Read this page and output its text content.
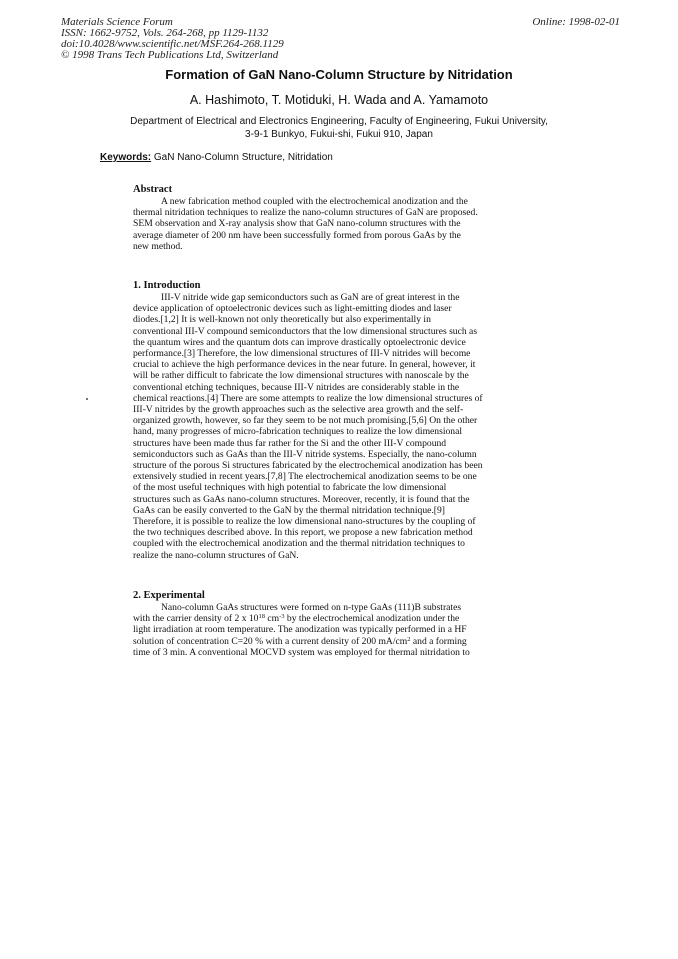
Materials Science Forum
ISSN: 1662-9752, Vols. 264-268, pp 1129-1132
doi:10.4028/www.scientific.net/MSF.264-268.1129
© 1998 Trans Tech Publications Ltd, Switzerland
Online: 1998-02-01
Formation of GaN Nano-Column Structure by Nitridation
A. Hashimoto, T. Motiduki, H. Wada and A. Yamamoto
Department of Electrical and Electronics Engineering, Faculty of Engineering, Fukui University,
3-9-1 Bunkyo, Fukui-shi, Fukui 910, Japan
Keywords: GaN Nano-Column Structure, Nitridation
Abstract
A new fabrication method coupled with the electrochemical anodization and the
thermal nitridation techniques to realize the nano-column structures of GaN are proposed.
SEM observation and X-ray analysis show that GaN nano-column structures with the
average diameter of 200 nm have been successfully formed from porous GaAs by the
new method.
1. Introduction
III-V nitride wide gap semiconductors such as GaN are of great interest in the
device application of optoelectronic devices such as light-emitting diodes and laser
diodes.[1,2] It is well-known not only theoretically but also experimentally in
conventional III-V compound semiconductors that the low dimensional structures such as
the quantum wires and the quantum dots can improve drastically optoelectronic device
performance.[3] Therefore, the low dimensional structures of III-V nitrides will become
crucial to achieve the high performance devices in the near future. In general, however, it
will be rather difficult to fabricate the low dimensional structures with nanoscale by the
conventional etching techniques, because III-V nitrides are considerably stable in the
chemical reactions.[4] There are some attempts to realize the low dimensional structures of
III-V nitrides by the growth approaches such as the selective area growth and the self-
organized growth, however, so far they seem to be not much promising.[5,6] On the other
hand, many progresses of micro-fabrication techniques to realize the low dimensional
structures have been made thus far rather for the Si and the other III-V compound
semiconductors such as GaAs than the III-V nitride systems. Especially, the nano-column
structure of the porous Si structures fabricated by the electrochemical anodization has been
extensively studied in recent years.[7,8] The electrochemical anodization seems to be one
of the most useful techniques with high potential to fabricate the low dimensional
structures such as GaAs nano-column structures. Moreover, recently, it is found that the
GaAs can be easily converted to the GaN by the thermal nitridation technique.[9]
Therefore, it is possible to realize the low dimensional nano-structures by the coupling of
the two techniques described above. In this report, we propose a new fabrication method
coupled with the electrochemical anodization and the thermal nitridation techniques to
realize the nano-column structures of GaN.
2. Experimental
Nano-column GaAs structures were formed on n-type GaAs (111)B substrates
with the carrier density of 2 x $10^{18}$ $cm^{-3}$ by the electrochemical anodization under the
light irradiation at room temperature. The anodization was typically performed in a HF
solution of concentration C=20 % with a current density of 200 $mA/cm^2$ and a forming
time of 3 min. A conventional MOCVD system was employed for thermal nitridation to
